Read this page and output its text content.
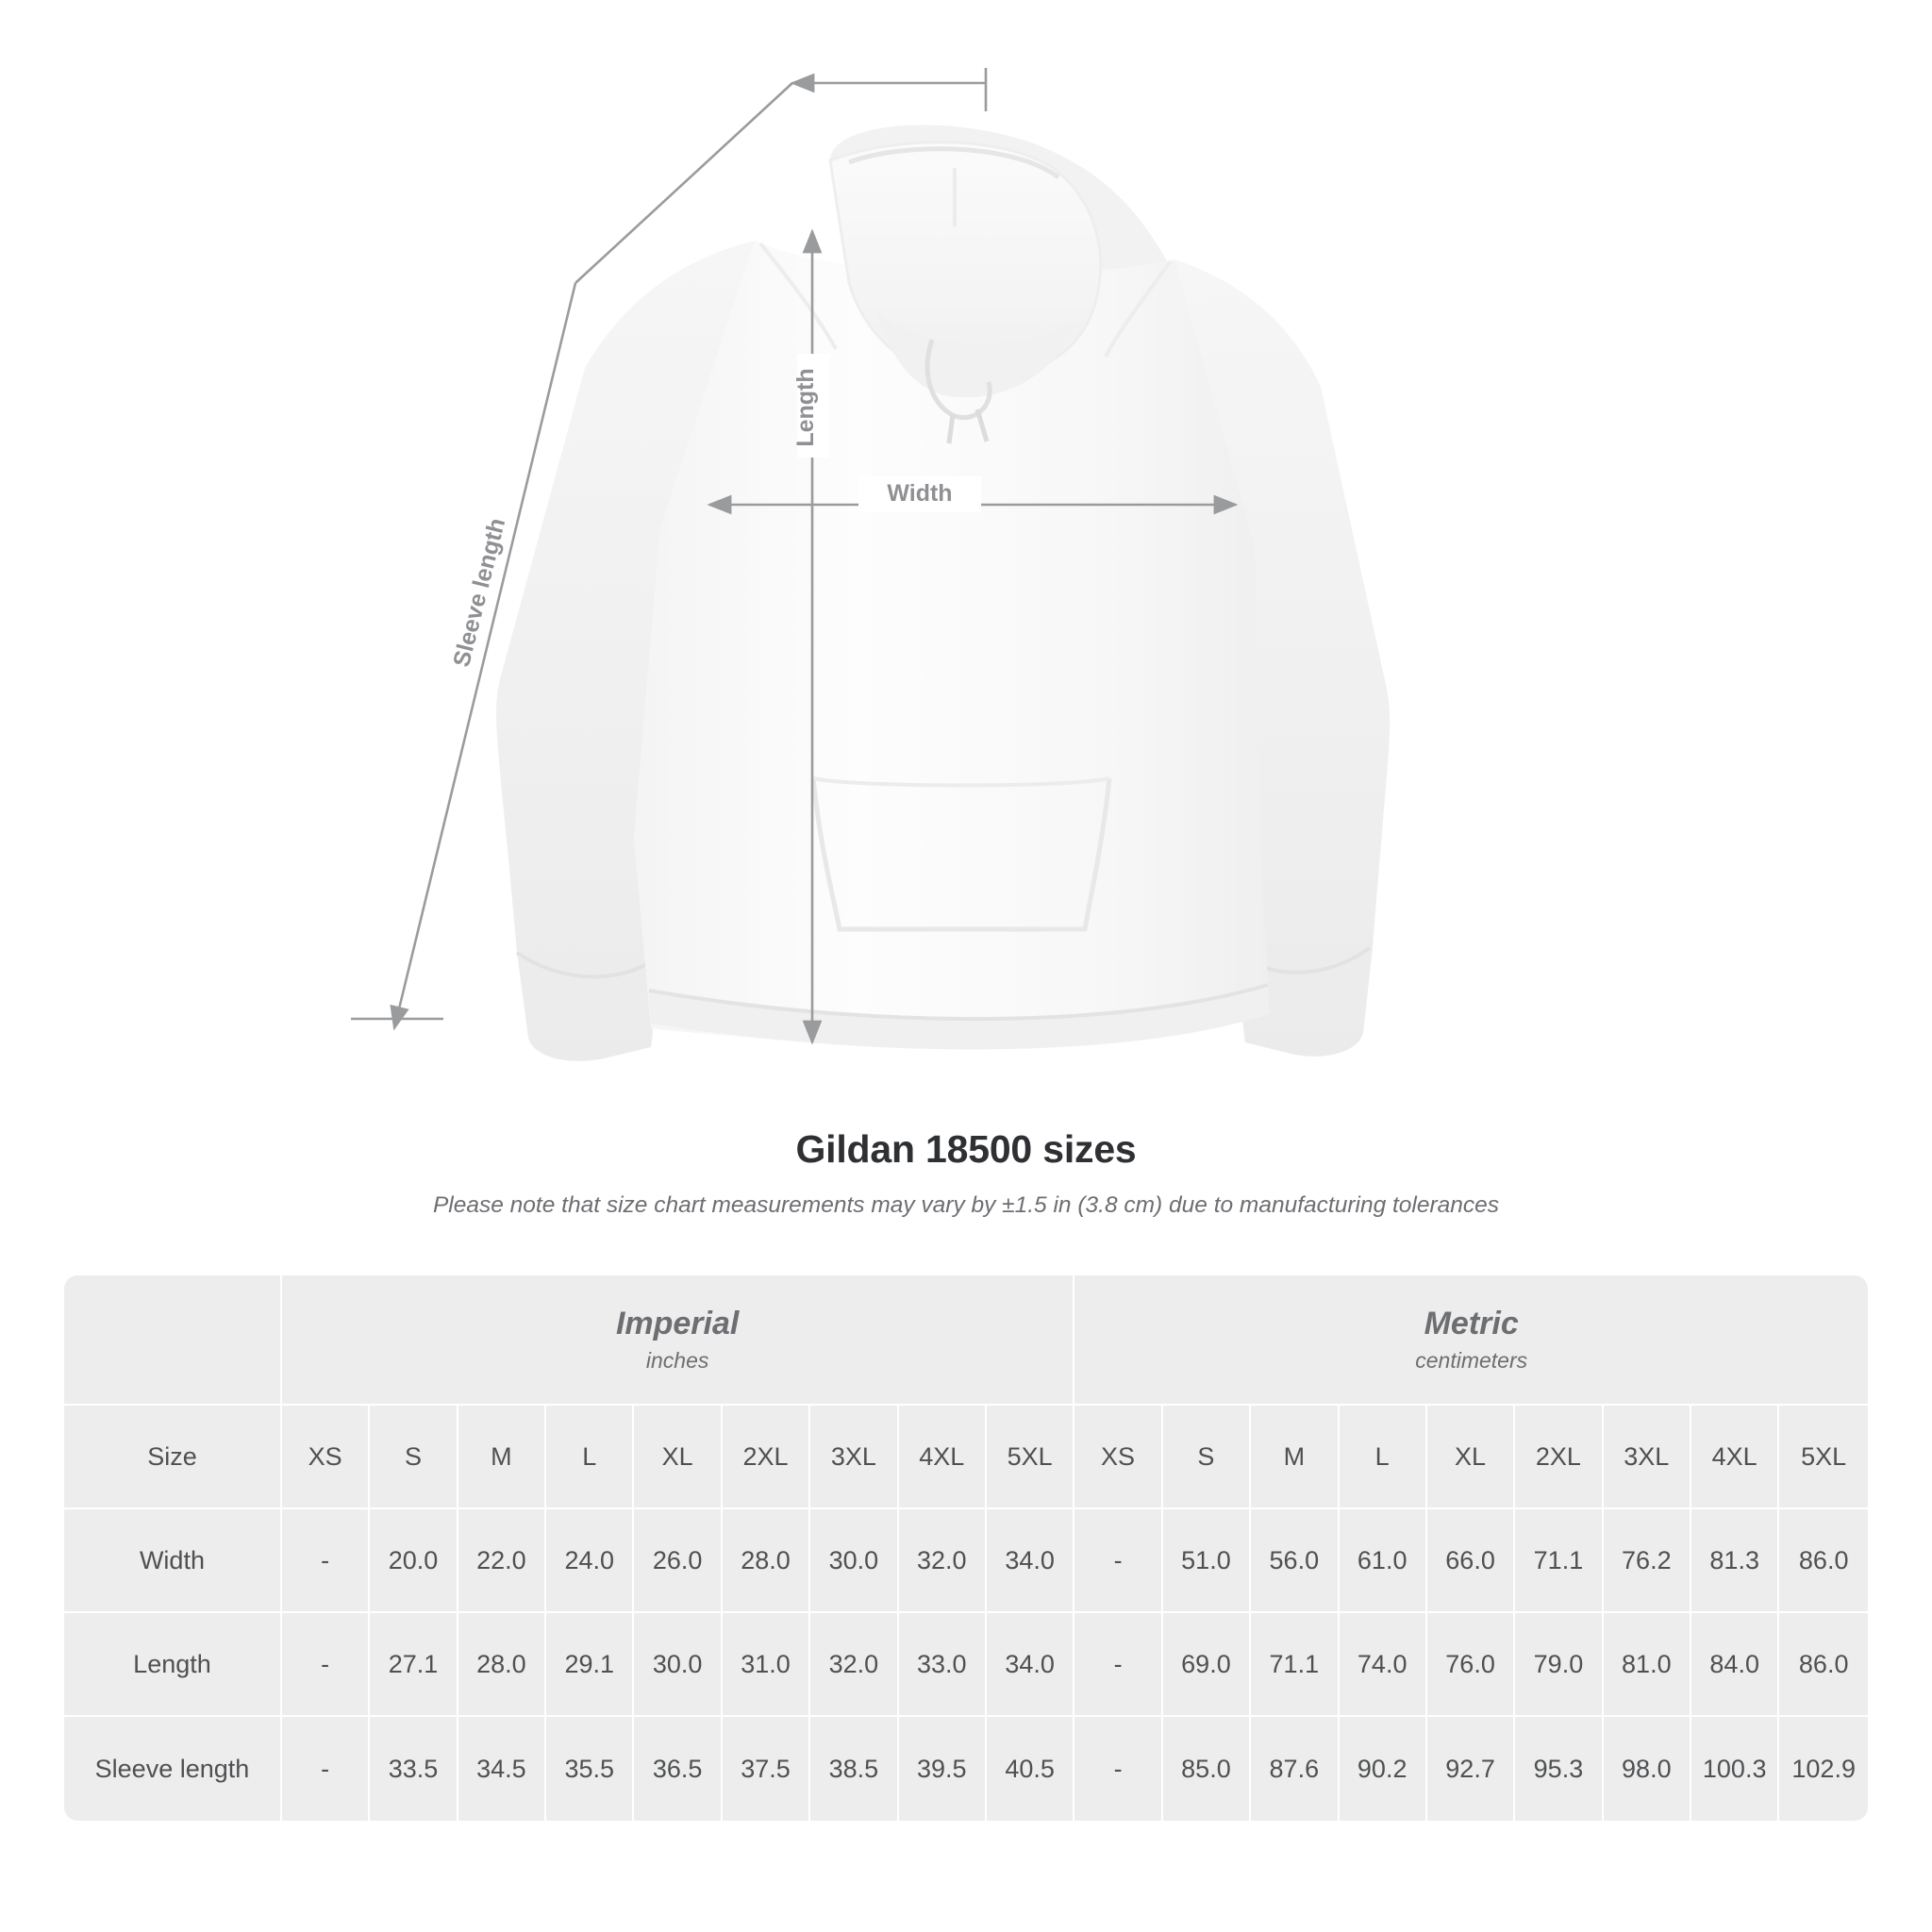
Length
Width
Sleeve length
Gildan 18500 sizes
Please note that size chart measurements may vary by ±1.5 in (3.8 cm) due to manufacturing tolerances

Imperial
inches

Metric
centimeters

Size	XS	S	M	L	XL	2XL	3XL	4XL	5XL	XS	S	M	L	XL	2XL	3XL	4XL	5XL
Width	-	20.0	22.0	24.0	26.0	28.0	30.0	32.0	34.0	-	51.0	56.0	61.0	66.0	71.1	76.2	81.3	86.0
Length	-	27.1	28.0	29.1	30.0	31.0	32.0	33.0	34.0	-	69.0	71.1	74.0	76.0	79.0	81.0	84.0	86.0
Sleeve length	-	33.5	34.5	35.5	36.5	37.5	38.5	39.5	40.5	-	85.0	87.6	90.2	92.7	95.3	98.0	100.3	102.9
